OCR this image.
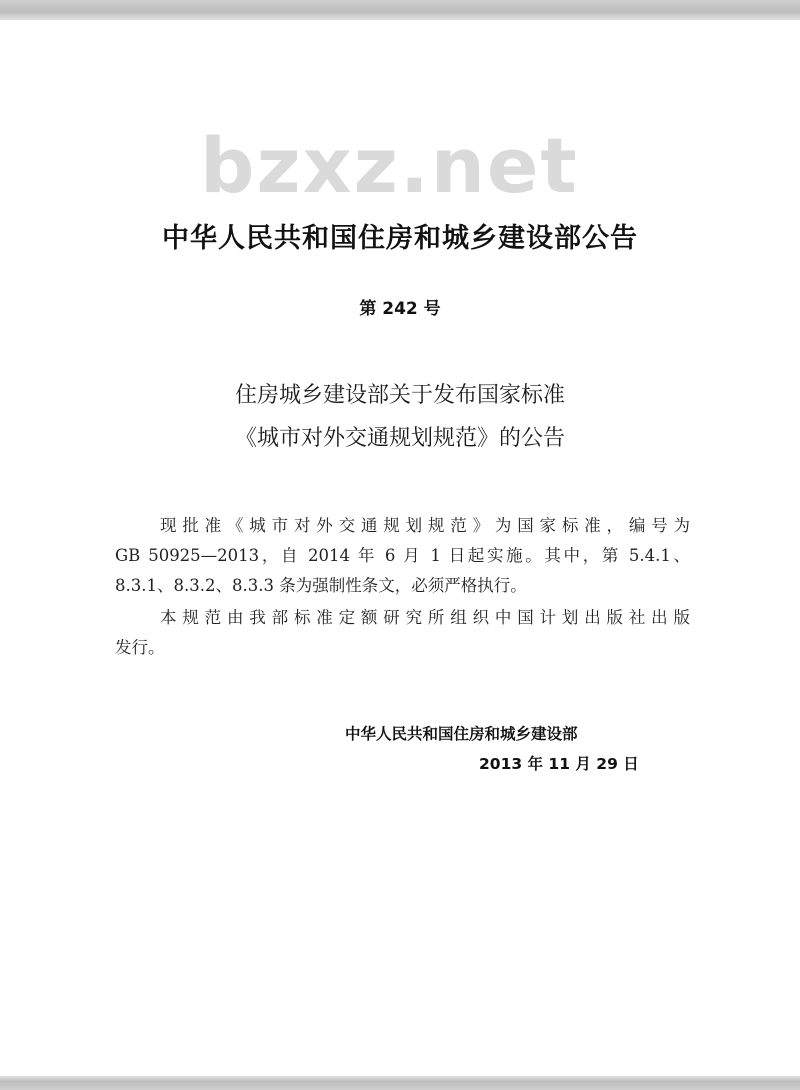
bzxz.net
中华人民共和国住房和城乡建设部公告
第 242 号
住房城乡建设部关于发布国家标准
《城市对外交通规划规范》的公告
现批准《城市对外交通规划规范》为国家标准，编号为
GB 50925—2013，自 2014 年 6 月 1 日起实施。其中，第 5.4.1、
8.3.1、8.3.2、8.3.3 条为强制性条文，必须严格执行。
本规范由我部标准定额研究所组织中国计划出版社出版
发行。
中华人民共和国住房和城乡建设部
2013 年 11 月 29 日
